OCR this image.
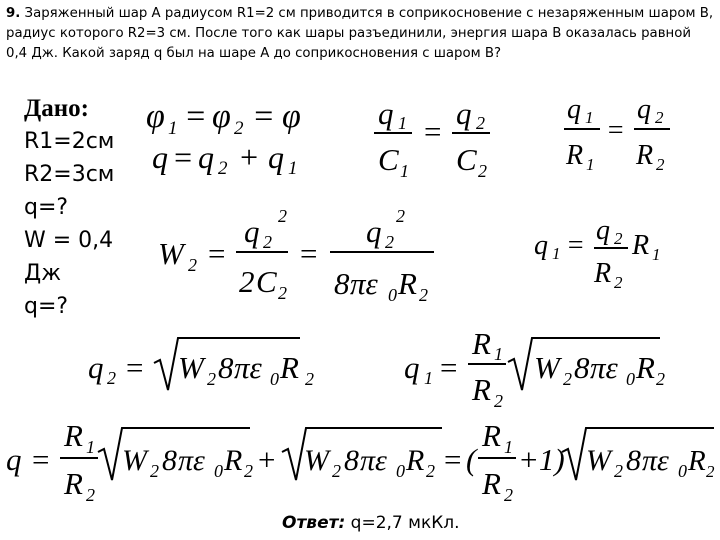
9. Заряженный шар А радиусом R1=2 см приводится в соприкосновение с незаряженным шаром В, радиус которого R2=3 см. После того как шары разъединили, энергия шара В оказалась равной 0,4 Дж. Какой заряд q был на шаре А до соприкосновения с шаром В?
Дано:
R1=2см
R2=3см
q=?
W = 0,4
Дж
q=?
φ 1 = φ 2 = φ
q = q 2 + q 1
q 1
C 1
=
q 2
C 2
q 1
R 1
=
q 2
R 2
W 2 =
q 2
2
2 C 2
=
q 2
2
8 πε 0 R 2
q 1 = q 2
R 2
R 1
q 2 = W 2 8 πε 0 R 2	q 1 =
R 1
R 2
W 2 8 πε 0 R 2
q =
R 1
R 2
W 2 8 πε 0 R 2 + W 2 8 πε 0 R 2 = (
R 1
R 2
+1) W 2 8 πε 0 R 2
Ответ: q=2,7 мкКл.
